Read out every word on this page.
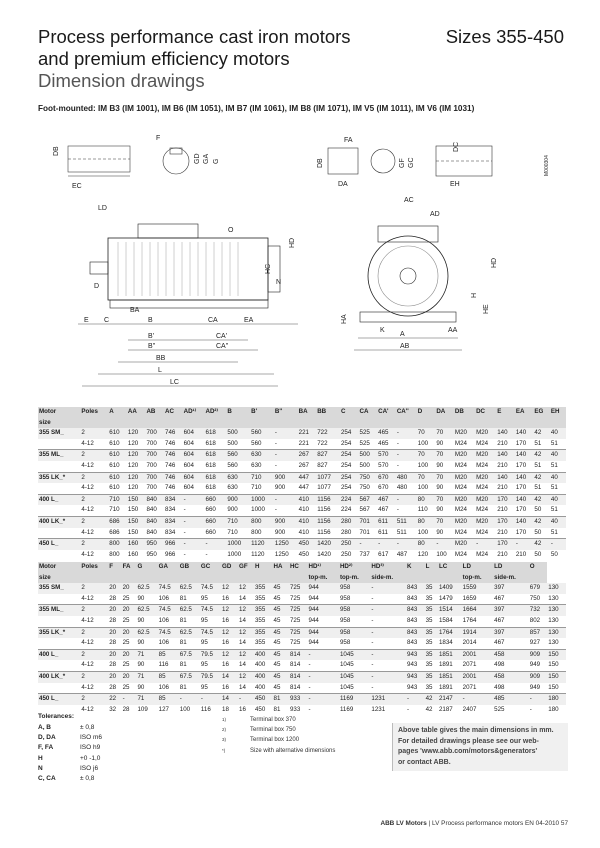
Process performance cast iron motors
and premium efficiency motors
Dimension drawings
Sizes 355-450
Foot-mounted: IM B3 (IM 1001), IM B6 (IM 1051), IM B7 (IM 1061), IM B8 (IM 1071), IM V5 (IM 1011), IM V6 (IM 1031)
EC
DB
F
GD GA G
FA
DC
DB	GF GC
DA	EH
M000304
LD
O
HD
HC
D
E C	B	CA	EA
N
BA
B'
B''
CA'
CA''
BB
L
LC
AC
AD
HD
H
HA
K	AA
A
AB
HE
Motor	Poles	A	AA	AB	AC	AD¹⁾	AD²⁾	B	B'	B''	BA	BB	C	CA	CA'	CA''	D	DA	DB	DC	E	EA	EG	EH
size																								
355 SM_	2	610	120	700	746	604	618	500	560	-	221	722	254	525	465	-	70	70	M20	M20	140	140	42	40
	4-12	610	120	700	746	604	618	500	560	-	221	722	254	525	465	-	100	90	M24	M24	210	170	51	51
355 ML_	2	610	120	700	746	604	618	560	630	-	267	827	254	500	570	-	70	70	M20	M20	140	140	42	40
	4-12	610	120	700	746	604	618	560	630	-	267	827	254	500	570	-	100	90	M24	M24	210	170	51	51
355 LK_*	2	610	120	700	746	604	618	630	710	900	447	1077	254	750	670	480	70	70	M20	M20	140	140	42	40
	4-12	610	120	700	746	604	618	630	710	900	447	1077	254	750	670	480	100	90	M24	M24	210	170	51	51
400 L_	2	710	150	840	834	-	660	900	1000	-	410	1156	224	567	467	-	80	70	M20	M20	170	140	42	40
	4-12	710	150	840	834	-	660	900	1000	-	410	1156	224	567	467	-	110	90	M24	M24	210	170	50	51
400 LK_*	2	686	150	840	834	-	660	710	800	900	410	1156	280	701	611	511	80	70	M20	M20	170	140	42	40
	4-12	686	150	840	834	-	660	710	800	900	410	1156	280	701	611	511	100	90	M24	M24	210	170	50	51
450 L_	2	800	160	950	966	-	-	1000	1120	1250	450	1420	250	-	-	-	80	-	M20	-	170	-	42	-
	4-12	800	160	950	966	-	-	1000	1120	1250	450	1420	250	737	617	487	120	100	M24	M24	210	210	50	50
Motor	Poles	F	FA	G	GA	GB	GC	GD	GF	H	HA	HC	HD¹⁾	HD²⁾	HD³⁾	K	L	LC	LD	LD	O	
size													top-m.	top-m.	side-m.				top-m.	side-m.		
355 SM_	2	20	20	62.5	74.5	62.5	74.5	12	12	355	45	725	944	958	-	843	35	1409	1559	397	679	130
	4-12	28	25	90	106	81	95	16	14	355	45	725	944	958	-	843	35	1479	1659	467	750	130
355 ML_	2	20	20	62.5	74.5	62.5	74.5	12	12	355	45	725	944	958	-	843	35	1514	1664	397	732	130
	4-12	28	25	90	106	81	95	16	14	355	45	725	944	958	-	843	35	1584	1764	467	802	130
355 LK_*	2	20	20	62.5	74.5	62.5	74.5	12	12	355	45	725	944	958	-	843	35	1764	1914	397	857	130
	4-12	28	25	90	106	81	95	16	14	355	45	725	944	958	-	843	35	1834	2014	467	927	130
400 L_	2	20	20	71	85	67.5	79.5	12	12	400	45	814	-	1045	-	943	35	1851	2001	458	909	150
	4-12	28	25	90	116	81	95	16	14	400	45	814	-	1045	-	943	35	1891	2071	498	949	150
400 LK_*	2	20	20	71	85	67.5	79.5	14	12	400	45	814	-	1045	-	943	35	1851	2001	458	909	150
	4-12	28	25	90	106	81	95	16	14	400	45	814	-	1045	-	943	35	1891	2071	498	949	150
450 L_	2	22	-	71	85	-	-	14	-	450	81	933	-	1169	1231	-	42	2147	-	485	-	180
	4-12	32	28	109	127	100	116	18	16	450	81	933	-	1169	1231	-	42	2187	2407	525	-	180
Tolerances:
A, B	± 0,8
D, DA	ISO m6
F, FA	ISO h9
H	+0 -1,0
N	ISO j6
C, CA	± 0,8
1)	Terminal box 370
2)	Terminal box 750
3)	Terminal box 1200
*)	Size with alternative dimensions
Above table gives the main dimensions in mm.
For detailed drawings please see our web-
pages 'www.abb.com/motors&generators'
or contact ABB.
ABB LV Motors | LV Process performance motors EN 04-2010 57
